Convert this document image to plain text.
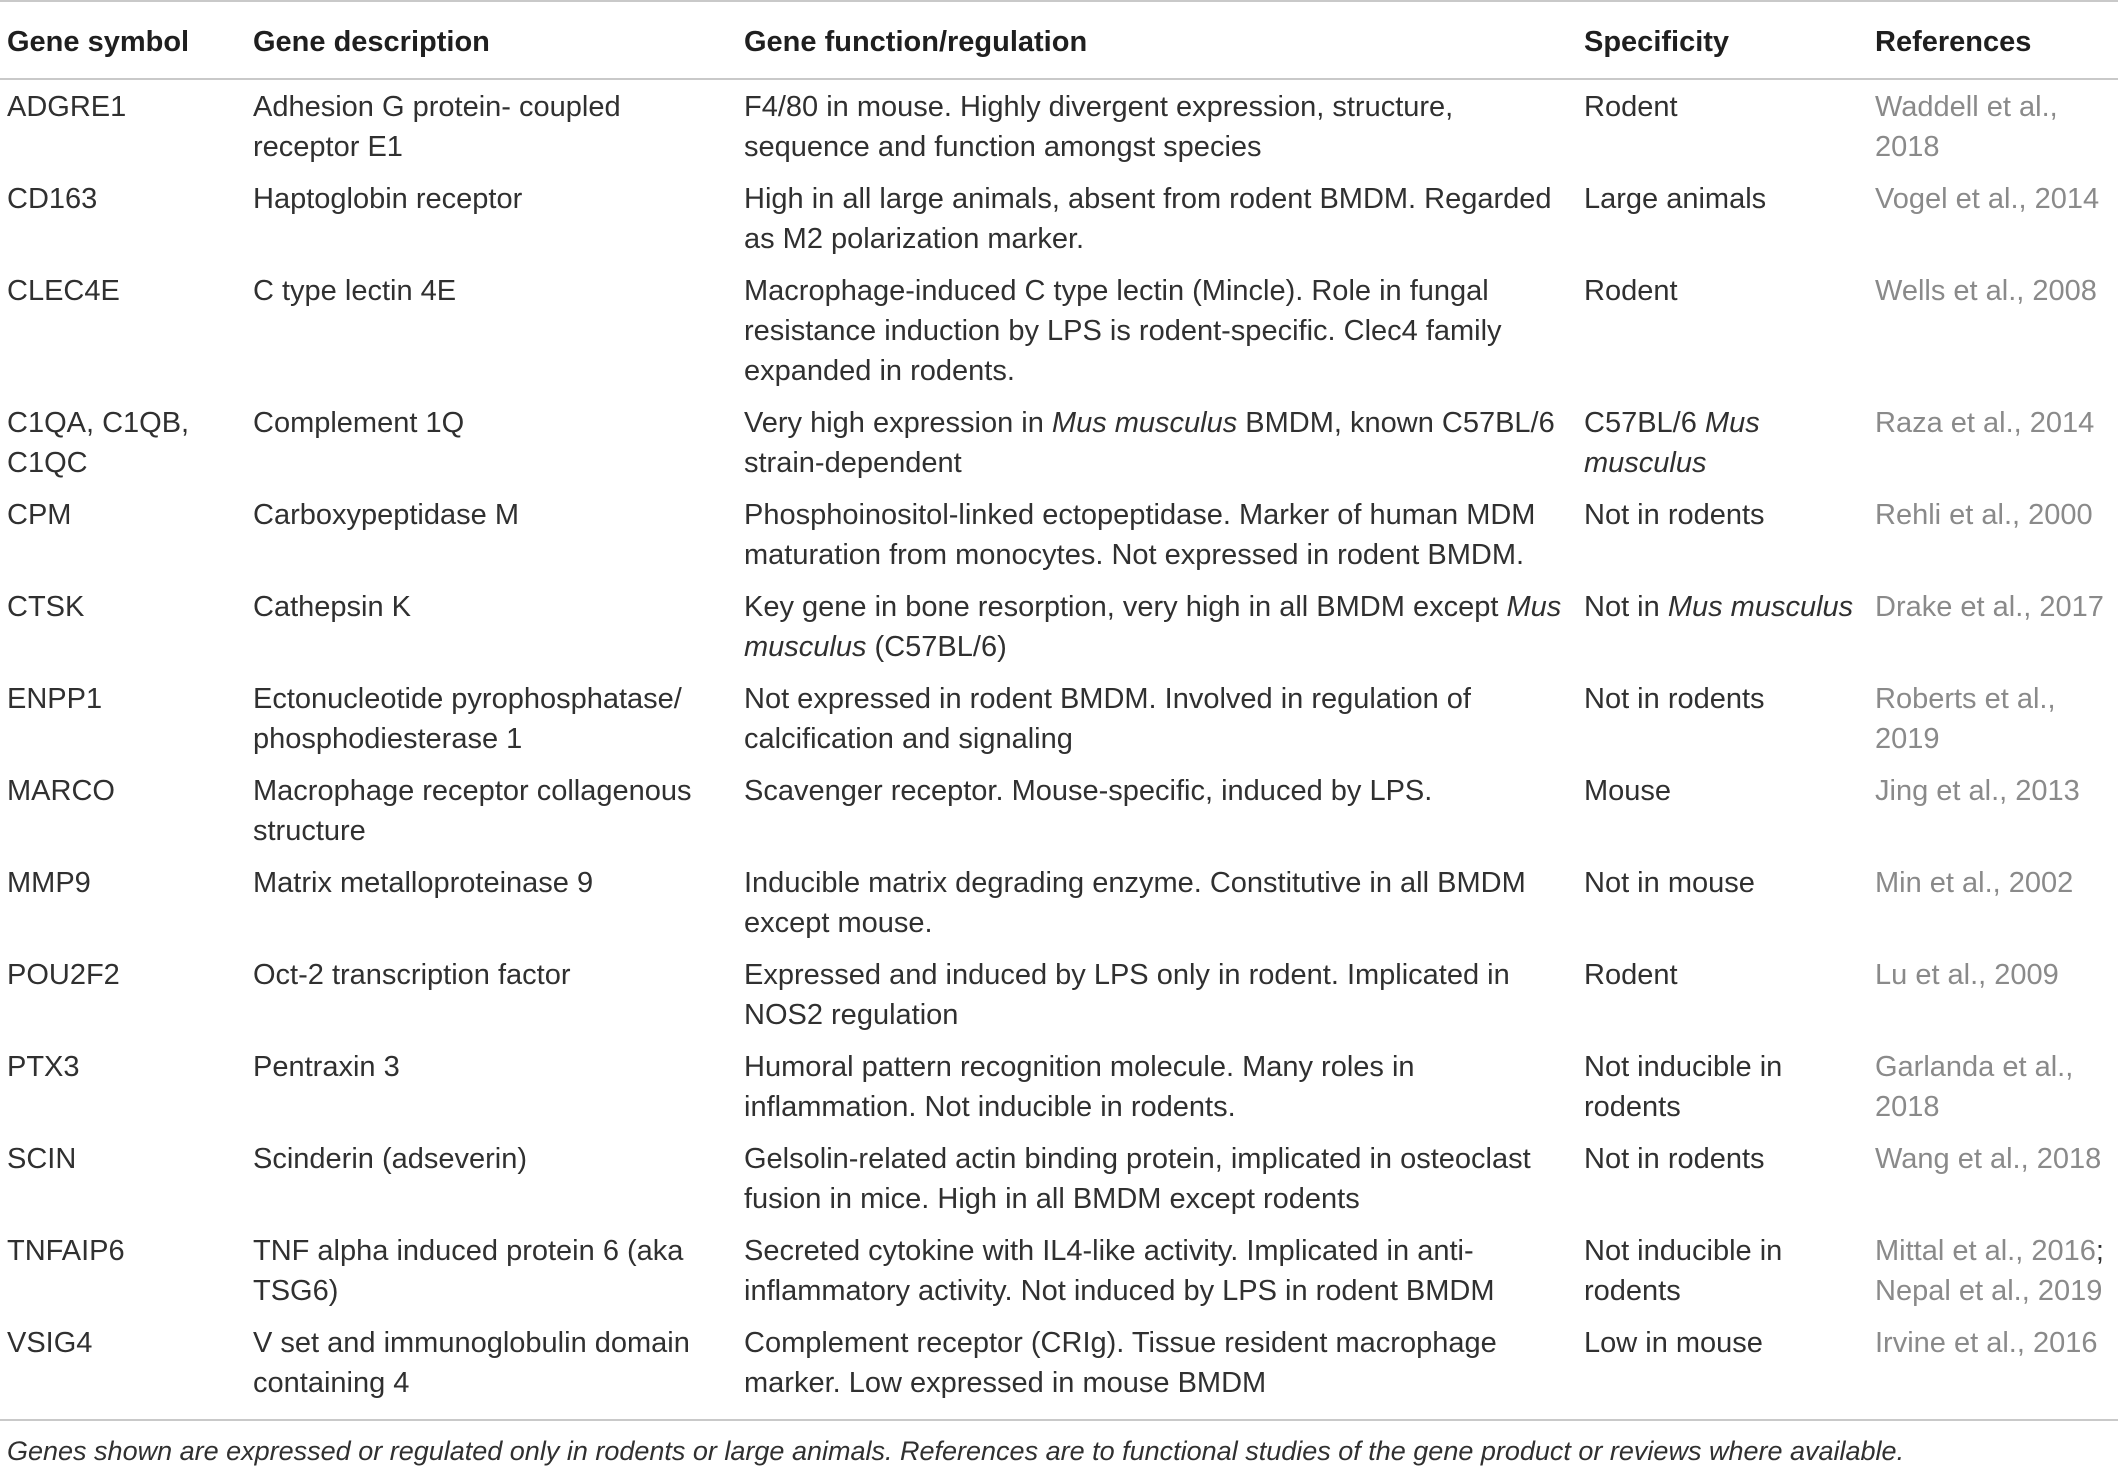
Gene symbol	Gene description	Gene function/regulation	Specificity	References
ADGRE1	Adhesion G protein- coupled receptor E1	F4/80 in mouse. Highly divergent expression, structure, sequence and function amongst species	Rodent	Waddell et al., 2018
CD163	Haptoglobin receptor	High in all large animals, absent from rodent BMDM. Regarded as M2 polarization marker.	Large animals	Vogel et al., 2014
CLEC4E	C type lectin 4E	Macrophage-induced C type lectin (Mincle). Role in fungal resistance induction by LPS is rodent-specific. Clec4 family expanded in rodents.	Rodent	Wells et al., 2008
C1QA, C1QB, C1QC	Complement 1Q	Very high expression in Mus musculus BMDM, known C57BL/6 strain-dependent	C57BL/6 Mus musculus	Raza et al., 2014
CPM	Carboxypeptidase M	Phosphoinositol-linked ectopeptidase. Marker of human MDM maturation from monocytes. Not expressed in rodent BMDM.	Not in rodents	Rehli et al., 2000
CTSK	Cathepsin K	Key gene in bone resorption, very high in all BMDM except Mus musculus (C57BL/6)	Not in Mus musculus	Drake et al., 2017
ENPP1	Ectonucleotide pyrophosphatase/ phosphodiesterase 1	Not expressed in rodent BMDM. Involved in regulation of calcification and signaling	Not in rodents	Roberts et al., 2019
MARCO	Macrophage receptor collagenous structure	Scavenger receptor. Mouse-specific, induced by LPS.	Mouse	Jing et al., 2013
MMP9	Matrix metalloproteinase 9	Inducible matrix degrading enzyme. Constitutive in all BMDM except mouse.	Not in mouse	Min et al., 2002
POU2F2	Oct-2 transcription factor	Expressed and induced by LPS only in rodent. Implicated in NOS2 regulation	Rodent	Lu et al., 2009
PTX3	Pentraxin 3	Humoral pattern recognition molecule. Many roles in inflammation. Not inducible in rodents.	Not inducible in rodents	Garlanda et al., 2018
SCIN	Scinderin (adseverin)	Gelsolin-related actin binding protein, implicated in osteoclast fusion in mice. High in all BMDM except rodents	Not in rodents	Wang et al., 2018
TNFAIP6	TNF alpha induced protein 6 (aka TSG6)	Secreted cytokine with IL4-like activity. Implicated in anti-inflammatory activity. Not induced by LPS in rodent BMDM	Not inducible in rodents	Mittal et al., 2016; Nepal et al., 2019
VSIG4	V set and immunoglobulin domain containing 4	Complement receptor (CRIg). Tissue resident macrophage marker. Low expressed in mouse BMDM	Low in mouse	Irvine et al., 2016
Genes shown are expressed or regulated only in rodents or large animals. References are to functional studies of the gene product or reviews where available.
